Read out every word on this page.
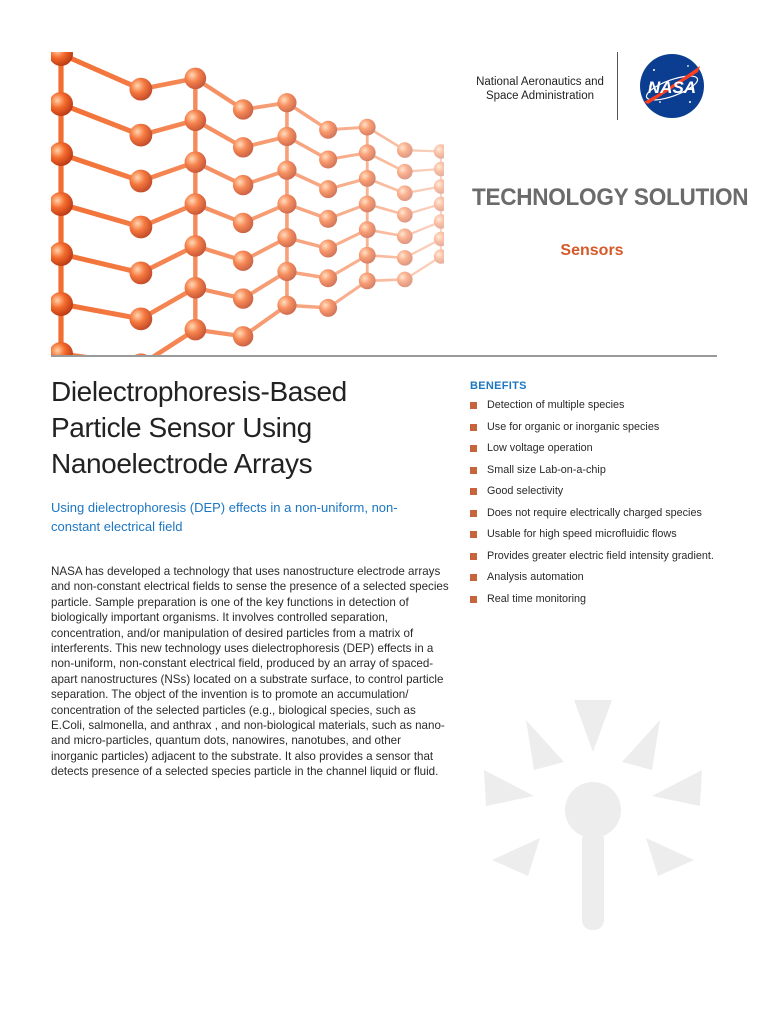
National Aeronautics and
Space Administration	NASA
TECHNOLOGY SOLUTION
Sensors
Dielectrophoresis-Based
Particle Sensor Using
Nanoelectrode Arrays
Using dielectrophoresis (DEP) effects in a non-uniform, non-constant electrical field
NASA has developed a technology that uses nanostructure electrode arrays and non-constant electrical fields to sense the presence of a selected species particle. Sample preparation is one of the key functions in detection of biologically important organisms. It involves controlled separation, concentration, and/or manipulation of desired particles from a matrix of interferents. This new technology uses dielectrophoresis (DEP) effects in a non-uniform, non-constant electrical field, produced by an array of spaced-apart nanostructures (NSs) located on a substrate surface, to control particle separation. The object of the invention is to promote an accumulation/ concentration of the selected particles (e.g., biological species, such as E.Coli, salmonella, and anthrax , and non-biological materials, such as nano-and micro-particles, quantum dots, nanowires, nanotubes, and other inorganic particles) adjacent to the substrate. It also provides a sensor that detects presence of a selected species particle in the channel liquid or fluid.
BENEFITS
Detection of multiple species
Use for organic or inorganic species
Low voltage operation
Small size Lab-on-a-chip
Good selectivity
Does not require electrically charged species
Usable for high speed microfluidic flows
Provides greater electric field intensity gradient.
Analysis automation
Real time monitoring
